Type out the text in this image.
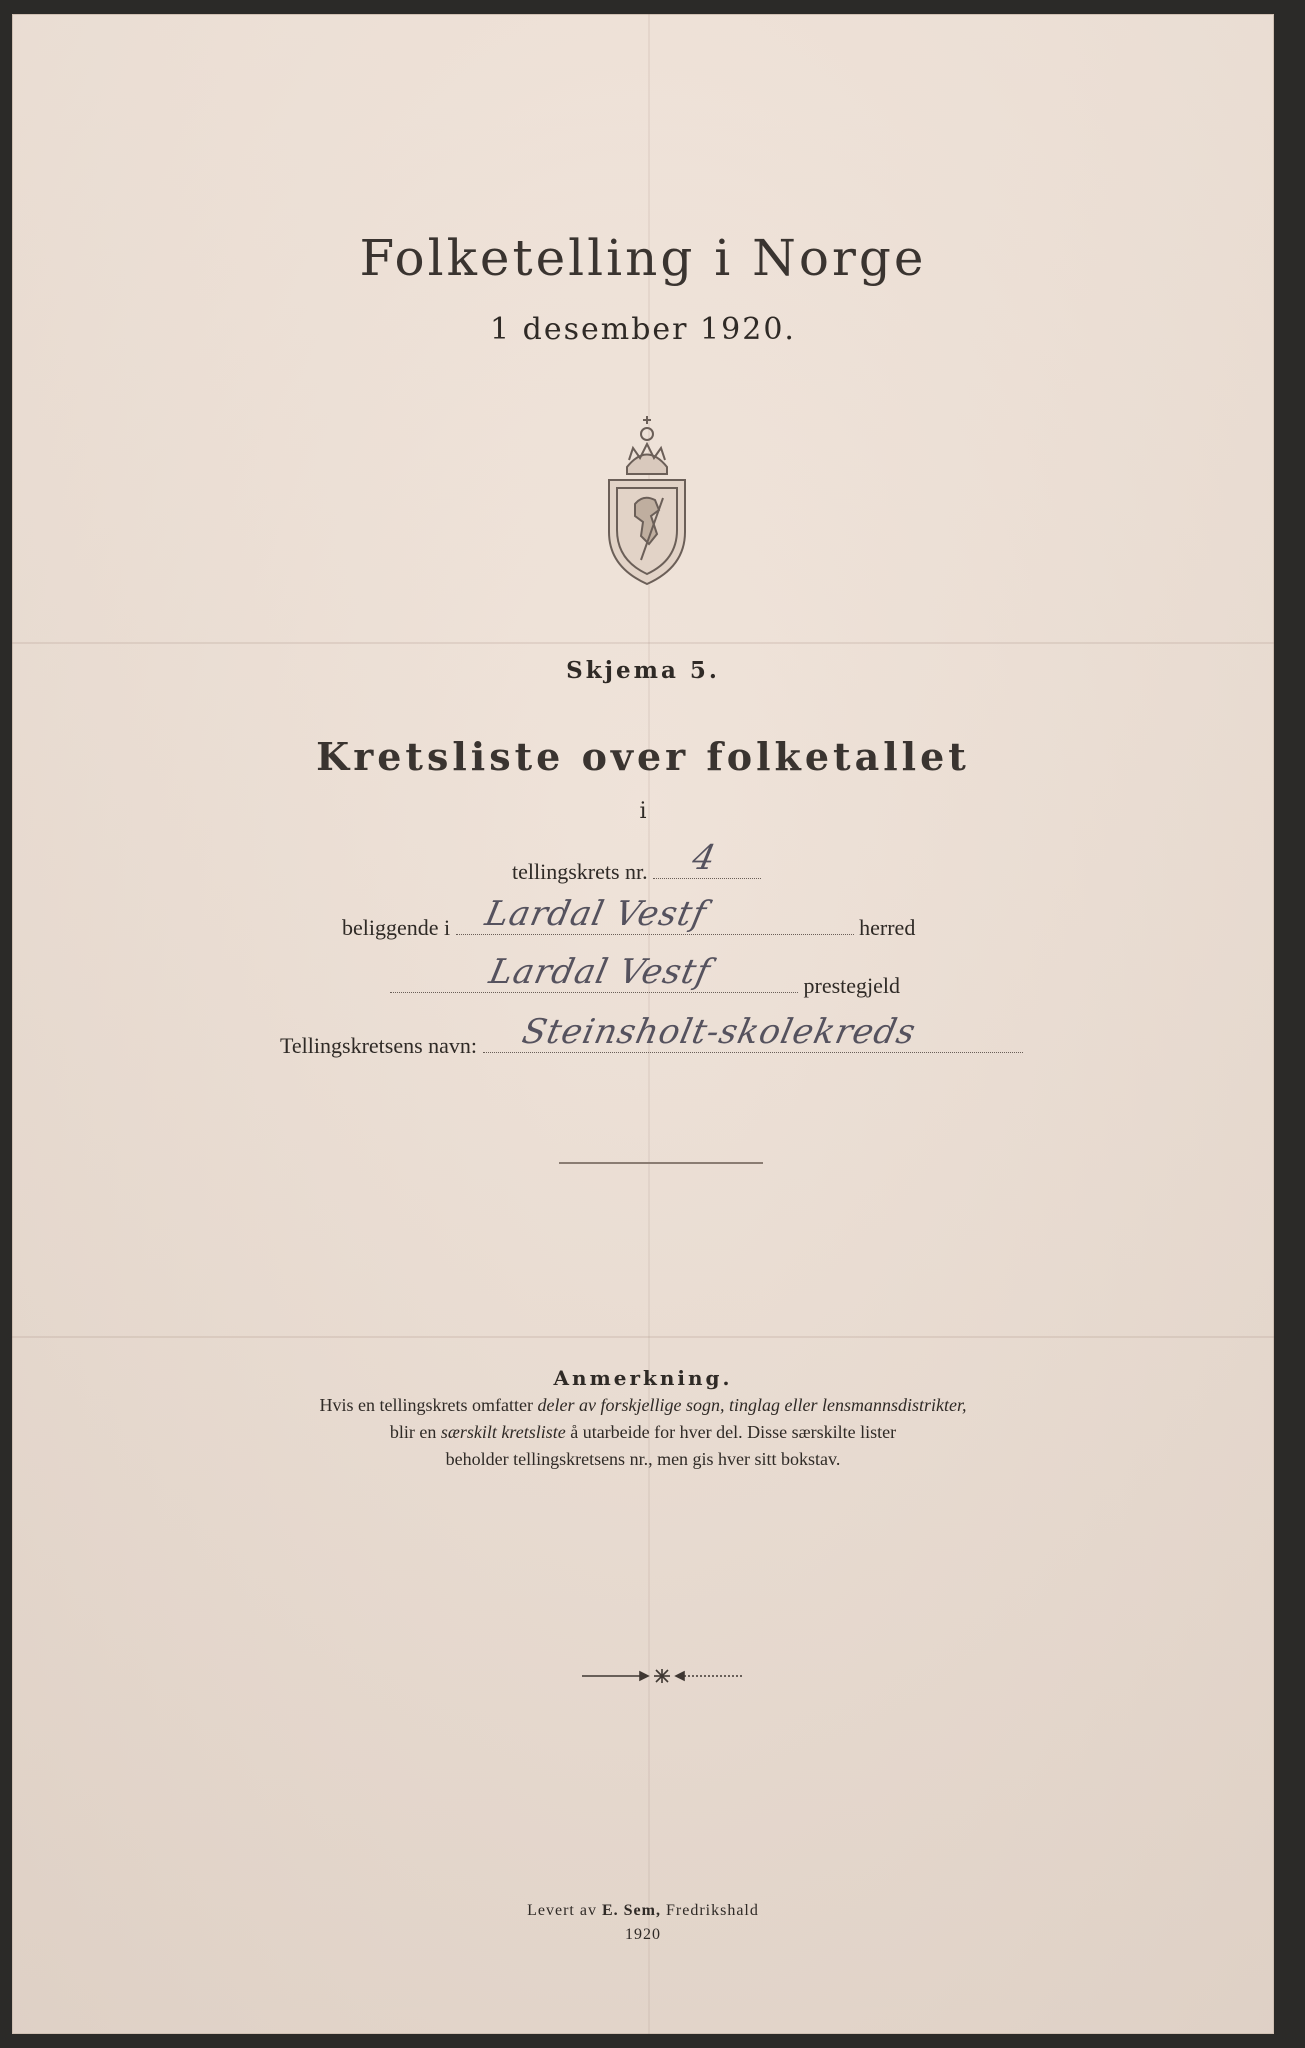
Folketelling i Norge
1 desember 1920.
Skjema 5.
Kretsliste over folketallet
i
tellingskrets nr. 4
beliggende i Lardal Vestf	herred
Lardal Vestf	prestegjeld
Tellingskretsens navn: Steinsholt-skolekreds
Anmerkning.
Hvis en tellingskrets omfatter deler av forskjellige sogn, tinglag eller lensmannsdistrikter,
blir en særskilt kretsliste å utarbeide for hver del. Disse særskilte lister
beholder tellingskretsens nr., men gis hver sitt bokstav.
Levert av E. Sem, Fredrikshald
1920
